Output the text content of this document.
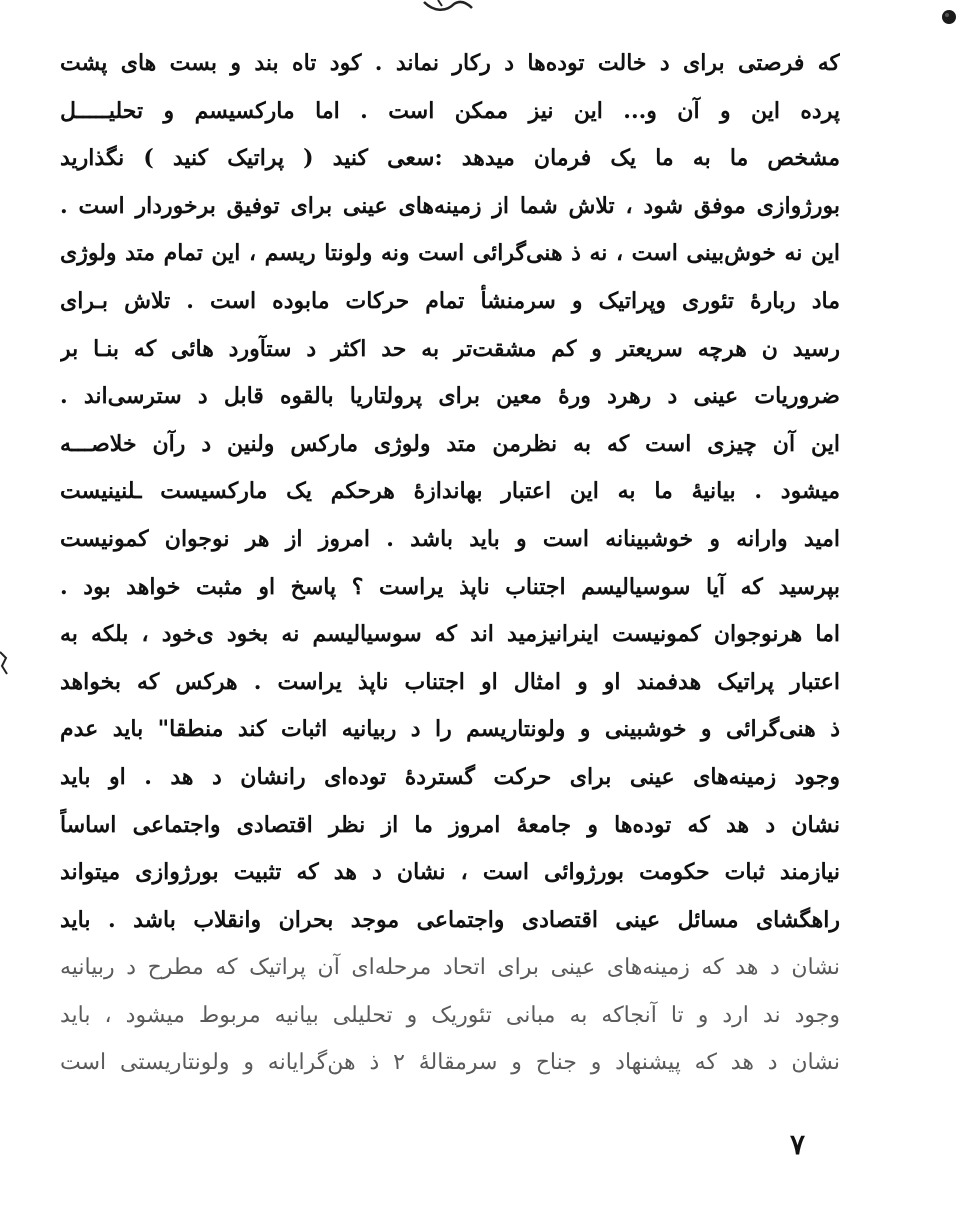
که فرصتی برای د خالت توده‌ها د رکار نماند . کود تاه بند و بست های پشت
پرده این و آن و... این نیز ممکن است . اما مارکسیسم و تحلیـــــل
مشخص ما به ما یک فرمان میدهد :سعی کنید ( پراتیک کنید ) نگذارید
بورژوازی موفق شود ، تلاش شما از زمینه‌های عینی برای توفیق برخوردار است .
این نه خوش‌بینی است ، نه ذ هنی‌گرائی است ونه ولونتا ریسم ، این تمام متد ولوژی
ماد ربارهٔ تئوری وپراتیک و سرمنشأ تمام حرکات مابوده است . تلاش بـرای
رسید ن هرچه سریعتر و کم مشقت‌تر به حد اکثر د ستآورد هائی که بنـا بر
ضروریات عینی د رهرد ورهٔ معین برای پرولتاریا بالقوه قابل د سترسی‌اند .
این آن چیزی است که به نظرمن متد ولوژی مارکس ولنین د رآن خلاصـــه
میشود . بیانیه‌ٔ ما به این اعتبار بهاندازه‌ٔ هرحکم یک مارکسیست ـلنینیست
امید وارانه و خوشبینانه است و باید باشد . امروز از هر نوجوان کمونیست
بپرسید که آیا سوسیالیسم اجتناب ناپذ یراست ؟ پاسخ او مثبت خواهد بود .
اما هرنوجوان کمونیست اینرانیزمید اند که سوسیالیسم نه بخود ی‌خود ، بلکه به
اعتبار پراتیک هدفمند او و امثال او اجتناب ناپذ یراست . هرکس که بخواهد
ذ هنی‌گرائی و خوشبینی و ولونتاریسم را د ربیانیه اثبات کند منطقا" باید عدم
وجود زمینه‌های عینی برای حرکت گستردهٔ توده‌ای رانشان د هد . او باید
نشان د هد که توده‌ها و جامعهٔ امروز ما از نظر اقتصادی واجتماعی اساساً
نیازمند ثبات حکومت بورژوائی است ، نشان د هد که تثبیت بورژوازی میتواند
راهگشای مسائل عینی اقتصادی واجتماعی موجد بحران وانقلاب باشد . باید
نشان د هد که زمینه‌های عینی برای اتحاد مرحله‌ای آن پراتیک که مطرح د ربیانیه
وجود ند ارد و تا آنجاکه به مبانی تئوریک و تحلیلی بیانیه مربوط میشود ، باید
نشان د هد که پیشنهاد و جناح و سرمقالهٔ ۲ ذ هن‌گرایانه و ولونتاریستی است
۷
